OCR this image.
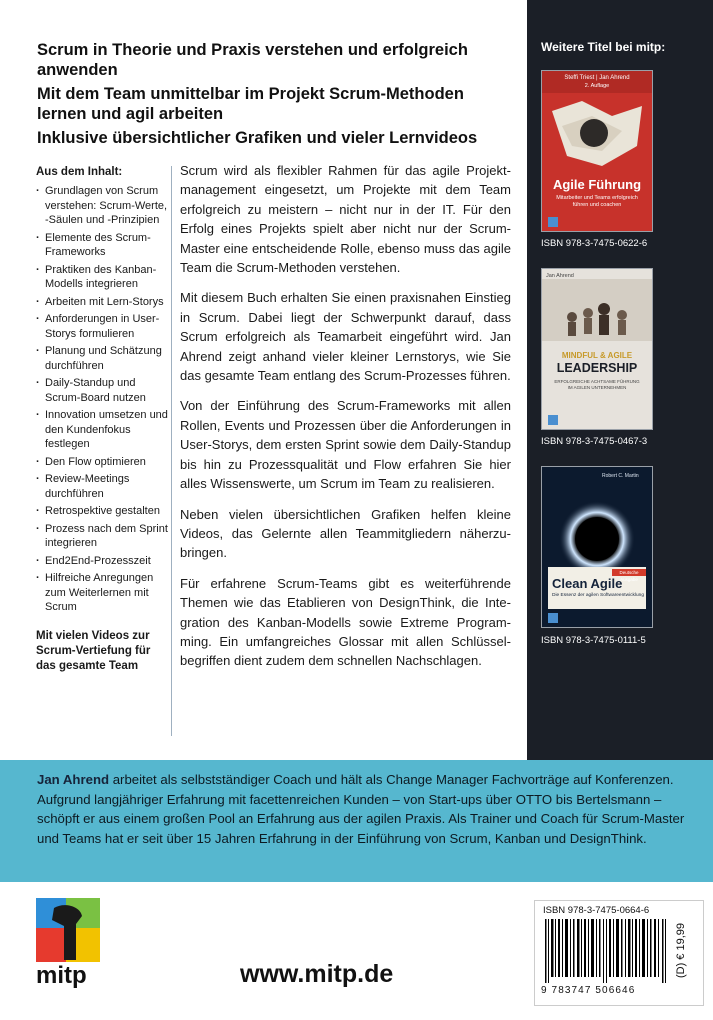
Scrum in Theorie und Praxis verstehen und erfolgreich anwenden
Mit dem Team unmittelbar im Projekt Scrum-Methoden lernen und agil arbeiten
Inklusive übersichtlicher Grafiken und vieler Lernvideos
Aus dem Inhalt:
· Grundlagen von Scrum verstehen: Scrum-Werte, -Säulen und -Prinzipien
· Elemente des Scrum-Frameworks
· Praktiken des Kanban-Modells integrieren
· Arbeiten mit Lern-Storys
· Anforderungen in User-Storys formulieren
· Planung und Schätzung durchführen
· Daily-Standup und Scrum-Board nutzen
· Innovation umsetzen und den Kundenfokus festlegen
· Den Flow optimieren
· Review-Meetings durchführen
· Retrospektive gestalten
· Prozess nach dem Sprint integrieren
· End2End-Prozesszeit
· Hilfreiche Anregungen zum Weiterlernen mit Scrum
Mit vielen Videos zur Scrum-Vertiefung für das gesamte Team

Scrum wird als flexibler Rahmen für das agile Projektmanagement eingesetzt, um Projekte mit dem Team erfolgreich zu meistern – nicht nur in der IT. Für den Erfolg eines Projekts spielt aber nicht nur der Scrum-Master eine entscheidende Rolle, ebenso muss das agile Team die Scrum-Methoden verstehen.

Mit diesem Buch erhalten Sie einen praxisnahen Einstieg in Scrum. Dabei liegt der Schwerpunkt darauf, dass Scrum erfolgreich als Teamarbeit eingeführt wird. Jan Ahrend zeigt anhand vieler kleiner Lernstorys, wie Sie das gesamte Team entlang des Scrum-Prozesses führen.

Von der Einführung des Scrum-Frameworks mit allen Rollen, Events und Prozessen über die Anforderungen in User-Storys, dem ersten Sprint sowie dem Daily-Standup bis hin zu Prozessqualität und Flow erfahren Sie hier alles Wissenswerte, um Scrum im Team zu realisieren.

Neben vielen übersichtlichen Grafiken helfen kleine Videos, das Gelernte allen Teammitgliedern näherzubringen.

Für erfahrene Scrum-Teams gibt es weiterführende Themen wie das Etablieren von DesignThink, die Integration des Kanban-Modells sowie Extreme Programming. Ein umfangreiches Glossar mit allen Schlüsselbegriffen dient zudem dem schnellen Nachschlagen.

Weitere Titel bei mitp:
Steffi Triest | Jan Ahrend
2. Auflage
Agile Führung
Mitarbeiter und Teams erfolgreich führen und coachen
ISBN 978-3-7475-0622-6
Jan Ahrend
MINDFUL & AGILE
LEADERSHIP
ERFOLGREICHE ACHTSAME FÜHRUNG IM AGILEN UNTERNEHMEN
ISBN 978-3-7475-0467-3
Robert C. Martin
Deutsche Ausgabe
Clean Agile
Die Essenz der agilen Softwareentwicklung
ISBN 978-3-7475-0111-5

Jan Ahrend arbeitet als selbstständiger Coach und hält als Change Manager Fachvorträge auf Konferenzen. Aufgrund langjähriger Erfahrung mit facettenreichen Kunden – von Start-ups über OTTO bis Bertelsmann – schöpft er aus einem großen Pool an Erfahrung aus der agilen Praxis. Als Trainer und Coach für Scrum-Master und Teams hat er seit über 15 Jahren Erfahrung in der Einführung von Scrum, Kanban und DesignThink.

mitp	www.mitp.de
ISBN 978-3-7475-0664-6
9 783747 506646
(D) € 19,99
